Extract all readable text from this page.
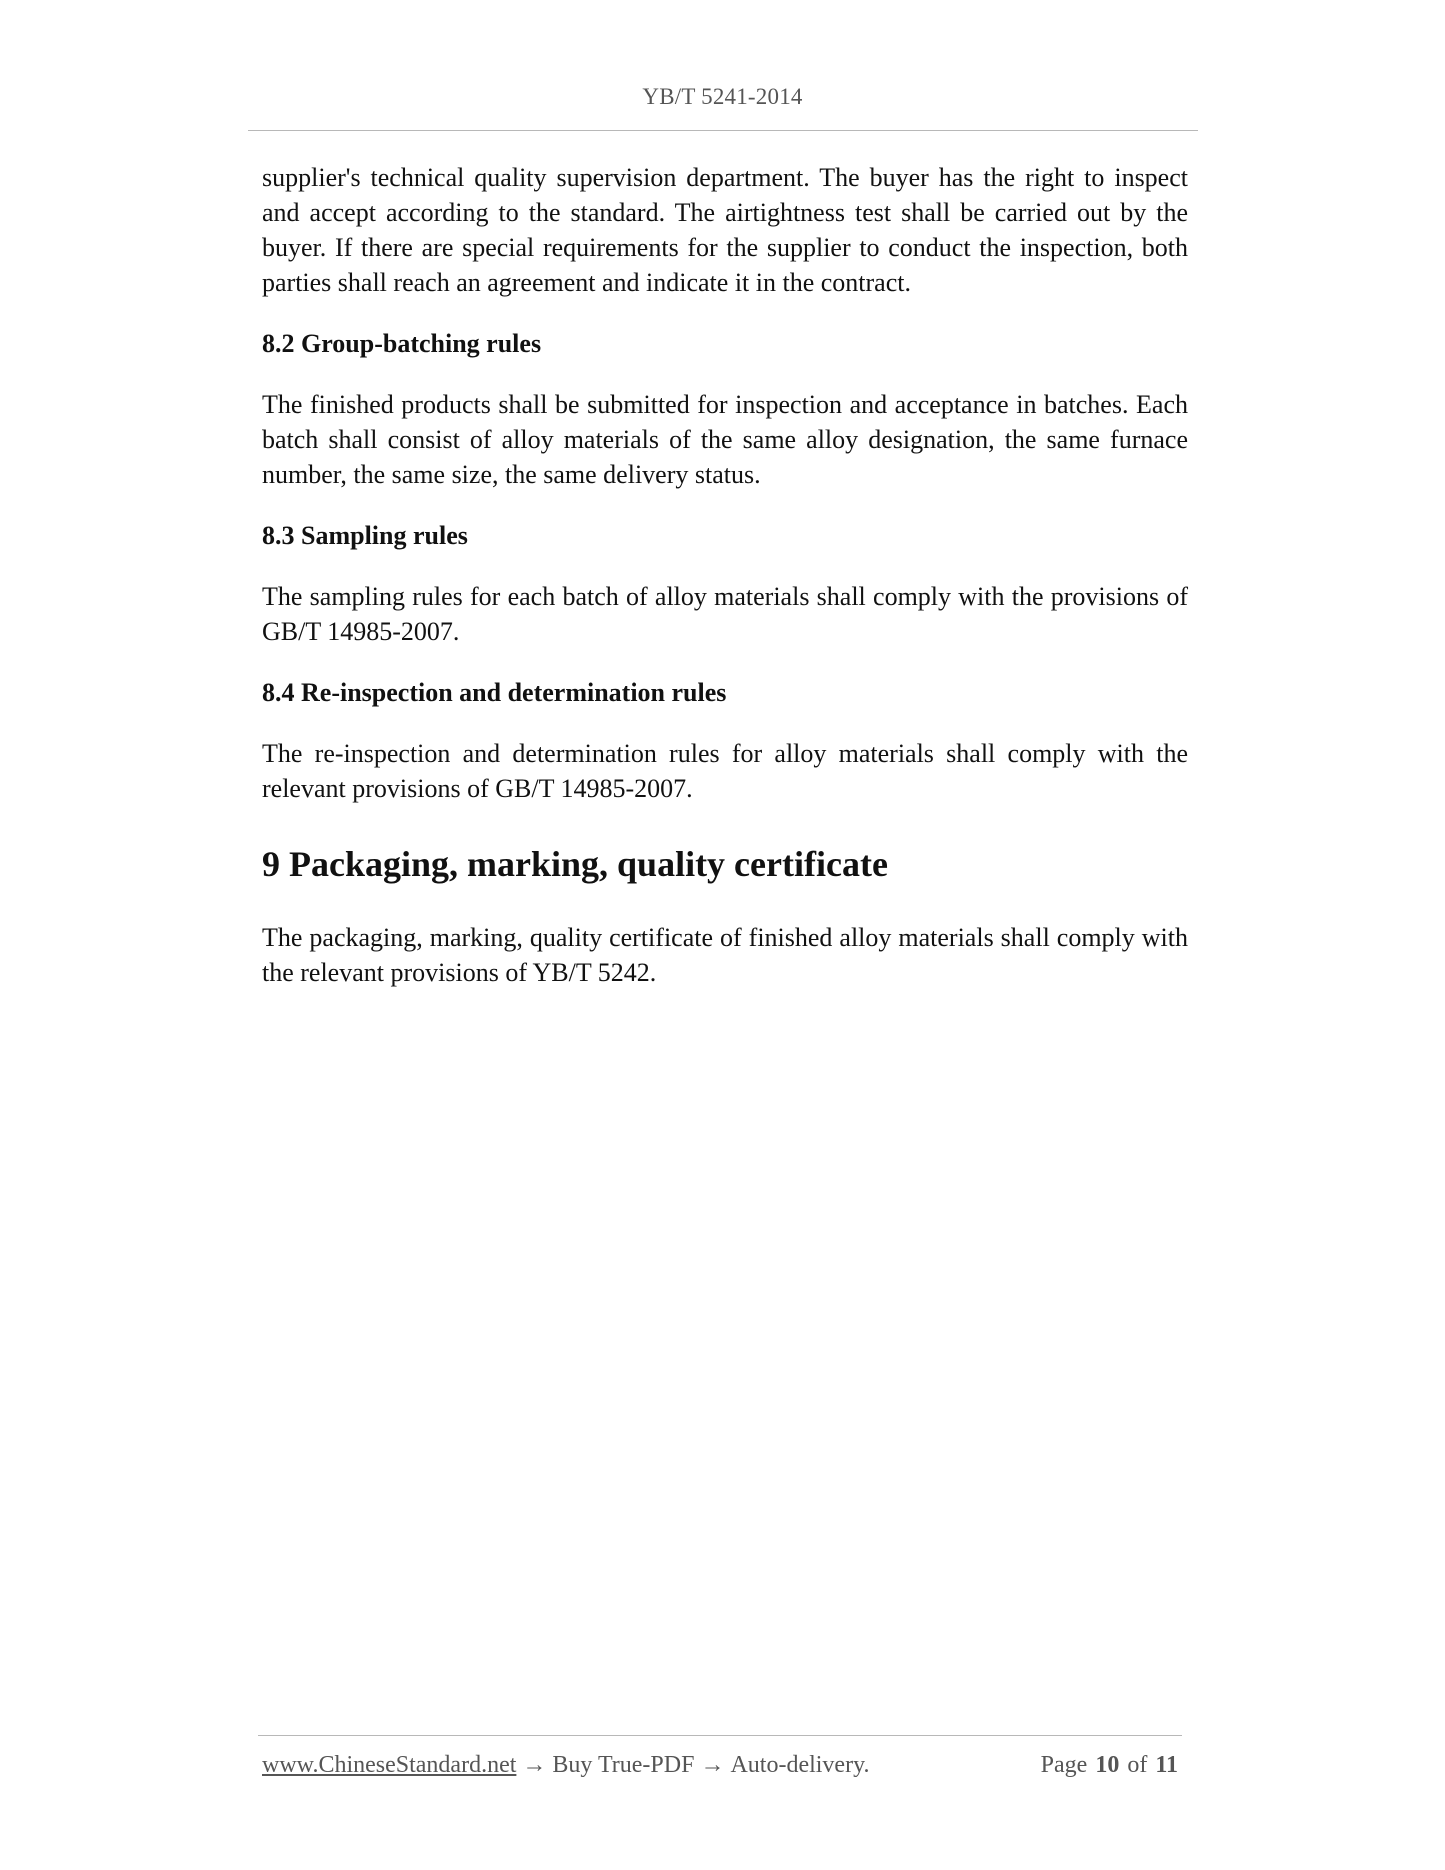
YB/T 5241-2014

supplier's technical quality supervision department. The buyer has the right to inspect and accept according to the standard. The airtightness test shall be carried out by the buyer. If there are special requirements for the supplier to conduct the inspection, both parties shall reach an agreement and indicate it in the contract.

8.2 Group-batching rules

The finished products shall be submitted for inspection and acceptance in batches. Each batch shall consist of alloy materials of the same alloy designation, the same furnace number, the same size, the same delivery status.

8.3 Sampling rules

The sampling rules for each batch of alloy materials shall comply with the provisions of GB/T 14985-2007.

8.4 Re-inspection and determination rules

The re-inspection and determination rules for alloy materials shall comply with the relevant provisions of GB/T 14985-2007.

9 Packaging, marking, quality certificate

The packaging, marking, quality certificate of finished alloy materials shall comply with the relevant provisions of YB/T 5242.

www.ChineseStandard.net → Buy True-PDF → Auto-delivery.	Page 10 of 11
